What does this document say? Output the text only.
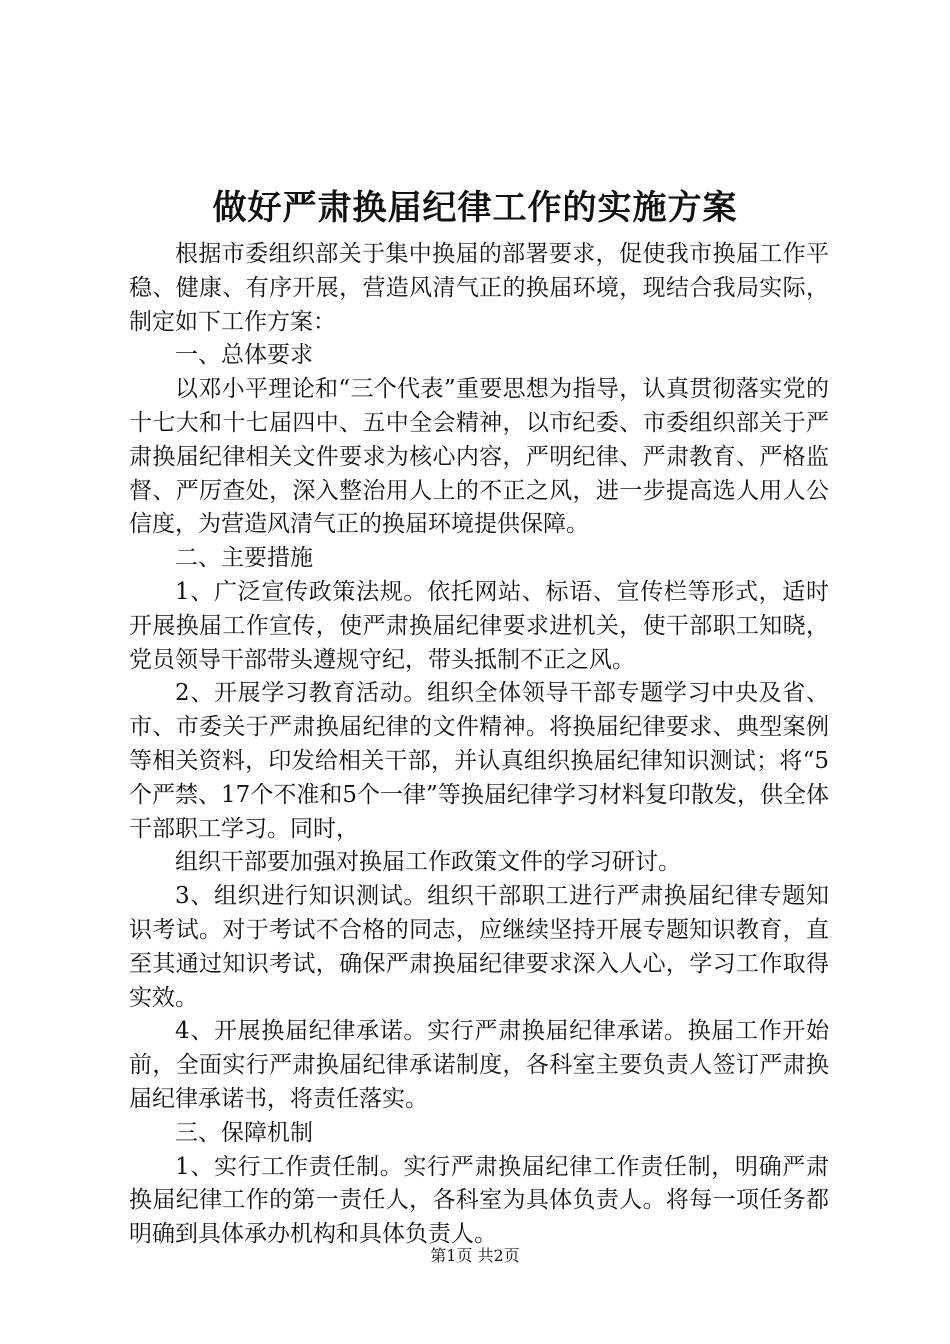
做好严肃换届纪律工作的实施方案

根据市委组织部关于集中换届的部署要求，促使我市换届工作平稳、健康、有序开展，营造风清气正的换届环境，现结合我局实际，制定如下工作方案：

一、总体要求

以邓小平理论和“三个代表”重要思想为指导，认真贯彻落实党的十七大和十七届四中、五中全会精神，以市纪委、市委组织部关于严肃换届纪律相关文件要求为核心内容，严明纪律、严肃教育、严格监督、严厉查处，深入整治用人上的不正之风，进一步提高选人用人公信度，为营造风清气正的换届环境提供保障。

二、主要措施

1、广泛宣传政策法规。依托网站、标语、宣传栏等形式，适时开展换届工作宣传，使严肃换届纪律要求进机关，使干部职工知晓，党员领导干部带头遵规守纪，带头抵制不正之风。

2、开展学习教育活动。组织全体领导干部专题学习中央及省、市、市委关于严肃换届纪律的文件精神。将换届纪律要求、典型案例等相关资料，印发给相关干部，并认真组织换届纪律知识测试；将“5个严禁、17个不准和5个一律”等换届纪律学习材料复印散发，供全体干部职工学习。同时，

组织干部要加强对换届工作政策文件的学习研讨。

3、组织进行知识测试。组织干部职工进行严肃换届纪律专题知识考试。对于考试不合格的同志，应继续坚持开展专题知识教育，直至其通过知识考试，确保严肃换届纪律要求深入人心，学习工作取得实效。

4、开展换届纪律承诺。实行严肃换届纪律承诺。换届工作开始前，全面实行严肃换届纪律承诺制度，各科室主要负责人签订严肃换届纪律承诺书，将责任落实。

三、保障机制

1、实行工作责任制。实行严肃换届纪律工作责任制，明确严肃换届纪律工作的第一责任人，各科室为具体负责人。将每一项任务都明确到具体承办机构和具体负责人。

第1页 共2页
